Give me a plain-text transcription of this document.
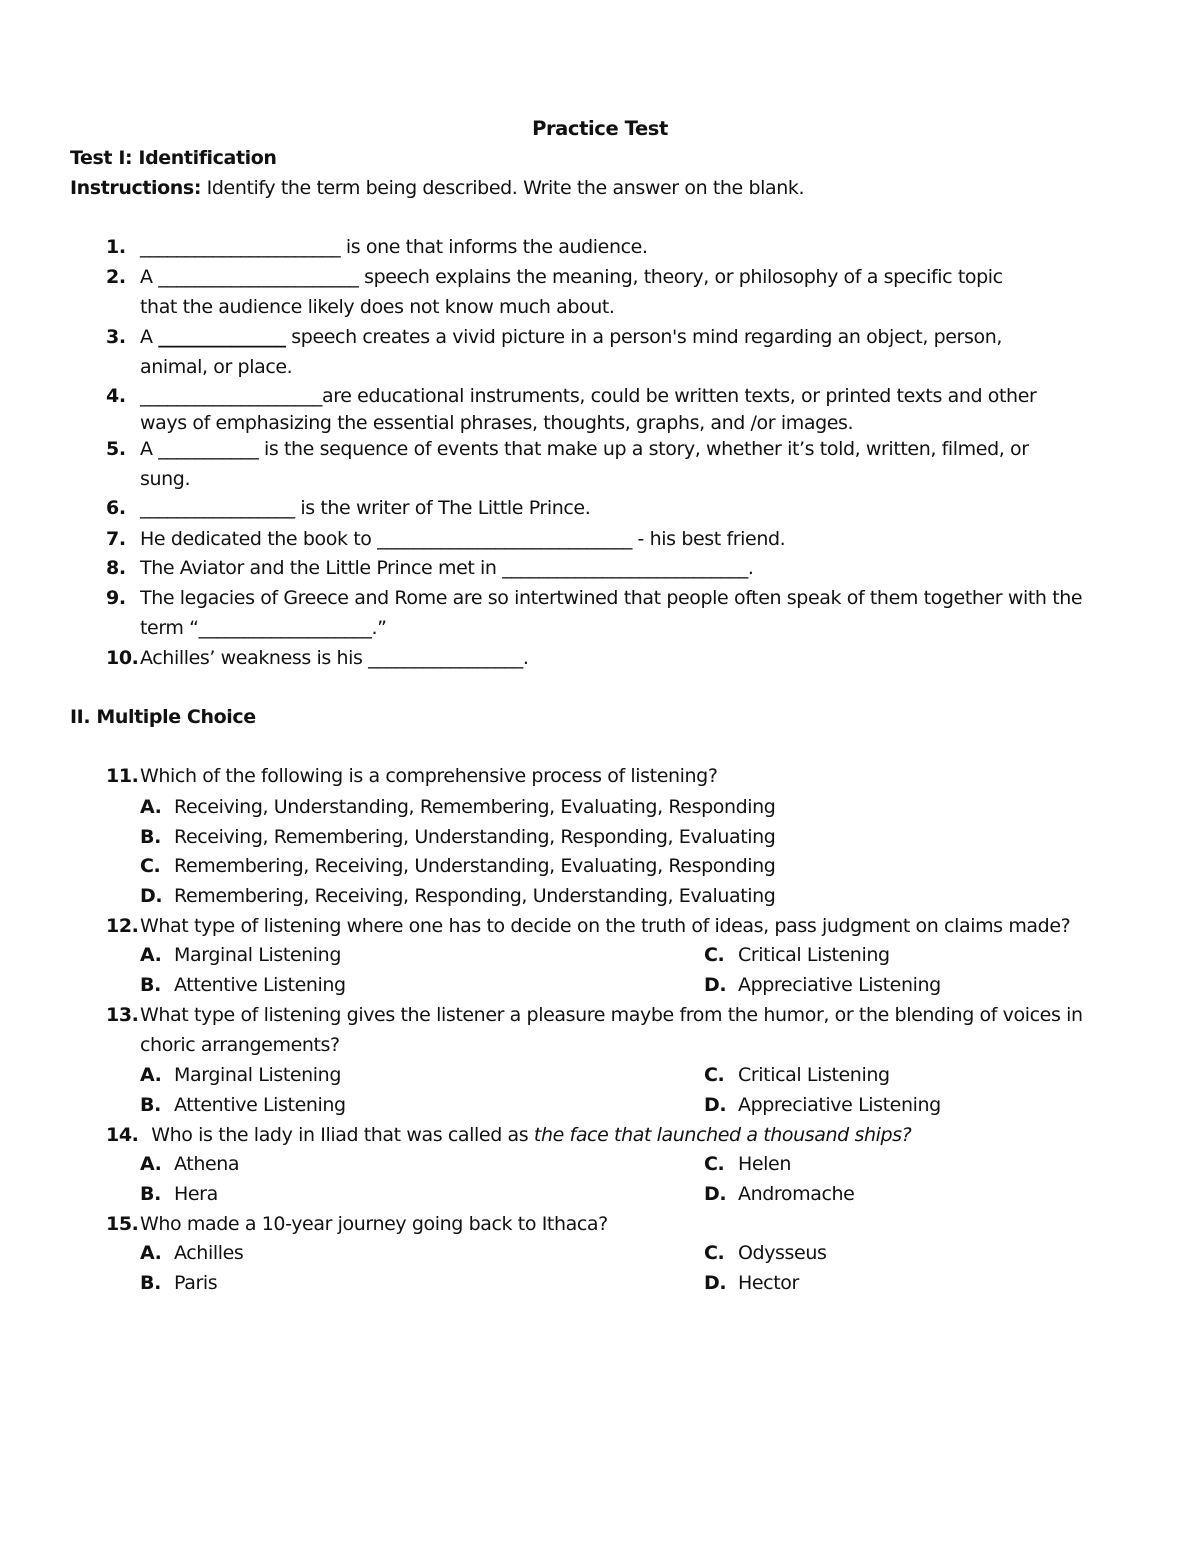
Practice Test
Test I: Identification
Instructions: Identify the term being described. Write the answer on the blank.
1. ______________________ is one that informs the audience.
2. A ______________________ speech explains the meaning, theory, or philosophy of a specific topic
that the audience likely does not know much about.
3. A ______________ speech creates a vivid picture in a person's mind regarding an object, person,
animal, or place.
4. ____________________are educational instruments, could be written texts, or printed texts and other
ways of emphasizing the essential phrases, thoughts, graphs, and /or images.
5. A ___________ is the sequence of events that make up a story, whether it’s told, written, filmed, or
sung.
6. _________________ is the writer of The Little Prince.
7. He dedicated the book to ____________________________ - his best friend.
8. The Aviator and the Little Prince met in ___________________________.
9. The legacies of Greece and Rome are so intertwined that people often speak of them together with the
term “___________________.”
10. Achilles’ weakness is his _________________.
II. Multiple Choice
11. Which of the following is a comprehensive process of listening?
A. Receiving, Understanding, Remembering, Evaluating, Responding
B. Receiving, Remembering, Understanding, Responding, Evaluating
C. Remembering, Receiving, Understanding, Evaluating, Responding
D. Remembering, Receiving, Responding, Understanding, Evaluating
12. What type of listening where one has to decide on the truth of ideas, pass judgment on claims made?
A. Marginal Listening	C. Critical Listening
B. Attentive Listening	D. Appreciative Listening
13. What type of listening gives the listener a pleasure maybe from the humor, or the blending of voices in
choric arrangements?
A. Marginal Listening	C. Critical Listening
B. Attentive Listening	D. Appreciative Listening
14. Who is the lady in Iliad that was called as the face that launched a thousand ships?
A. Athena	C. Helen
B. Hera	D. Andromache
15. Who made a 10-year journey going back to Ithaca?
A. Achilles	C. Odysseus
B. Paris	D. Hector
